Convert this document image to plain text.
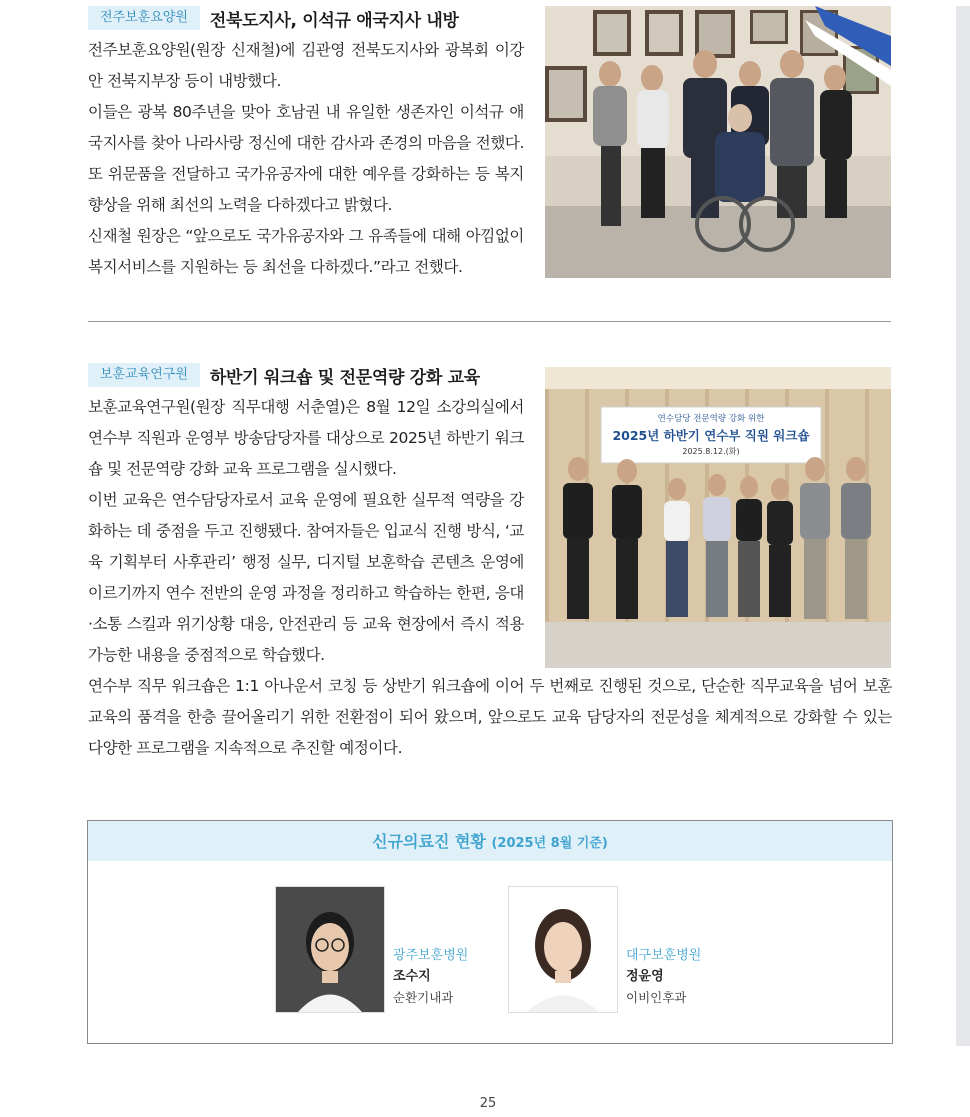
전주보훈요양원	전북도지사, 이석규 애국지사 내방

전주보훈요양원(원장 신재철)에 김관영 전북도지사와 광복회 이강안 전북지부장 등이 내방했다.

이들은 광복 80주년을 맞아 호남권 내 유일한 생존자인 이석규 애국지사를 찾아 나라사랑 정신에 대한 감사과 존경의 마음을 전했다. 또 위문품을 전달하고 국가유공자에 대한 예우를 강화하는 등 복지 향상을 위해 최선의 노력을 다하겠다고 밝혔다.

신재철 원장은 “앞으로도 국가유공자와 그 유족들에 대해 아낌없이 복지서비스를 지원하는 등 최선을 다하겠다.”라고 전했다.

보훈교육연구원	하반기 워크숍 및 전문역량 강화 교육

보훈교육연구원(원장 직무대행 서춘열)은 8월 12일 소강의실에서 연수부 직원과 운영부 방송담당자를 대상으로 2025년 하반기 워크숍 및 전문역량 강화 교육 프로그램을 실시했다.

이번 교육은 연수담당자로서 교육 운영에 필요한 실무적 역량을 강화하는 데 중점을 두고 진행됐다. 참여자들은 입교식 진행 방식, ‘교육 기획부터 사후관리’ 행정 실무, 디지털 보훈학습 콘텐츠 운영에 이르기까지 연수 전반의 운영 과정을 정리하고 학습하는 한편, 응대·소통 스킬과 위기상황 대응, 안전관리 등 교육 현장에서 즉시 적용 가능한 내용을 중점적으로 학습했다.

연수부 직무 워크숍은 1:1 아나운서 코칭 등 상반기 워크숍에 이어 두 번째로 진행된 것으로, 단순한 직무교육을 넘어 보훈교육의 품격을 한층 끌어올리기 위한 전환점이 되어 왔으며, 앞으로도 교육 담당자의 전문성을 체계적으로 강화할 수 있는 다양한 프로그램을 지속적으로 추진할 예정이다.

연수담당 전문역량 강화 위한
2025년 하반기 연수부 직원 워크숍
2025.8.12.(화)
신규의료진 현황 (2025년 8월 기준)
광주보훈병원
조수지
순환기내과
대구보훈병원
정윤영
이비인후과
25
